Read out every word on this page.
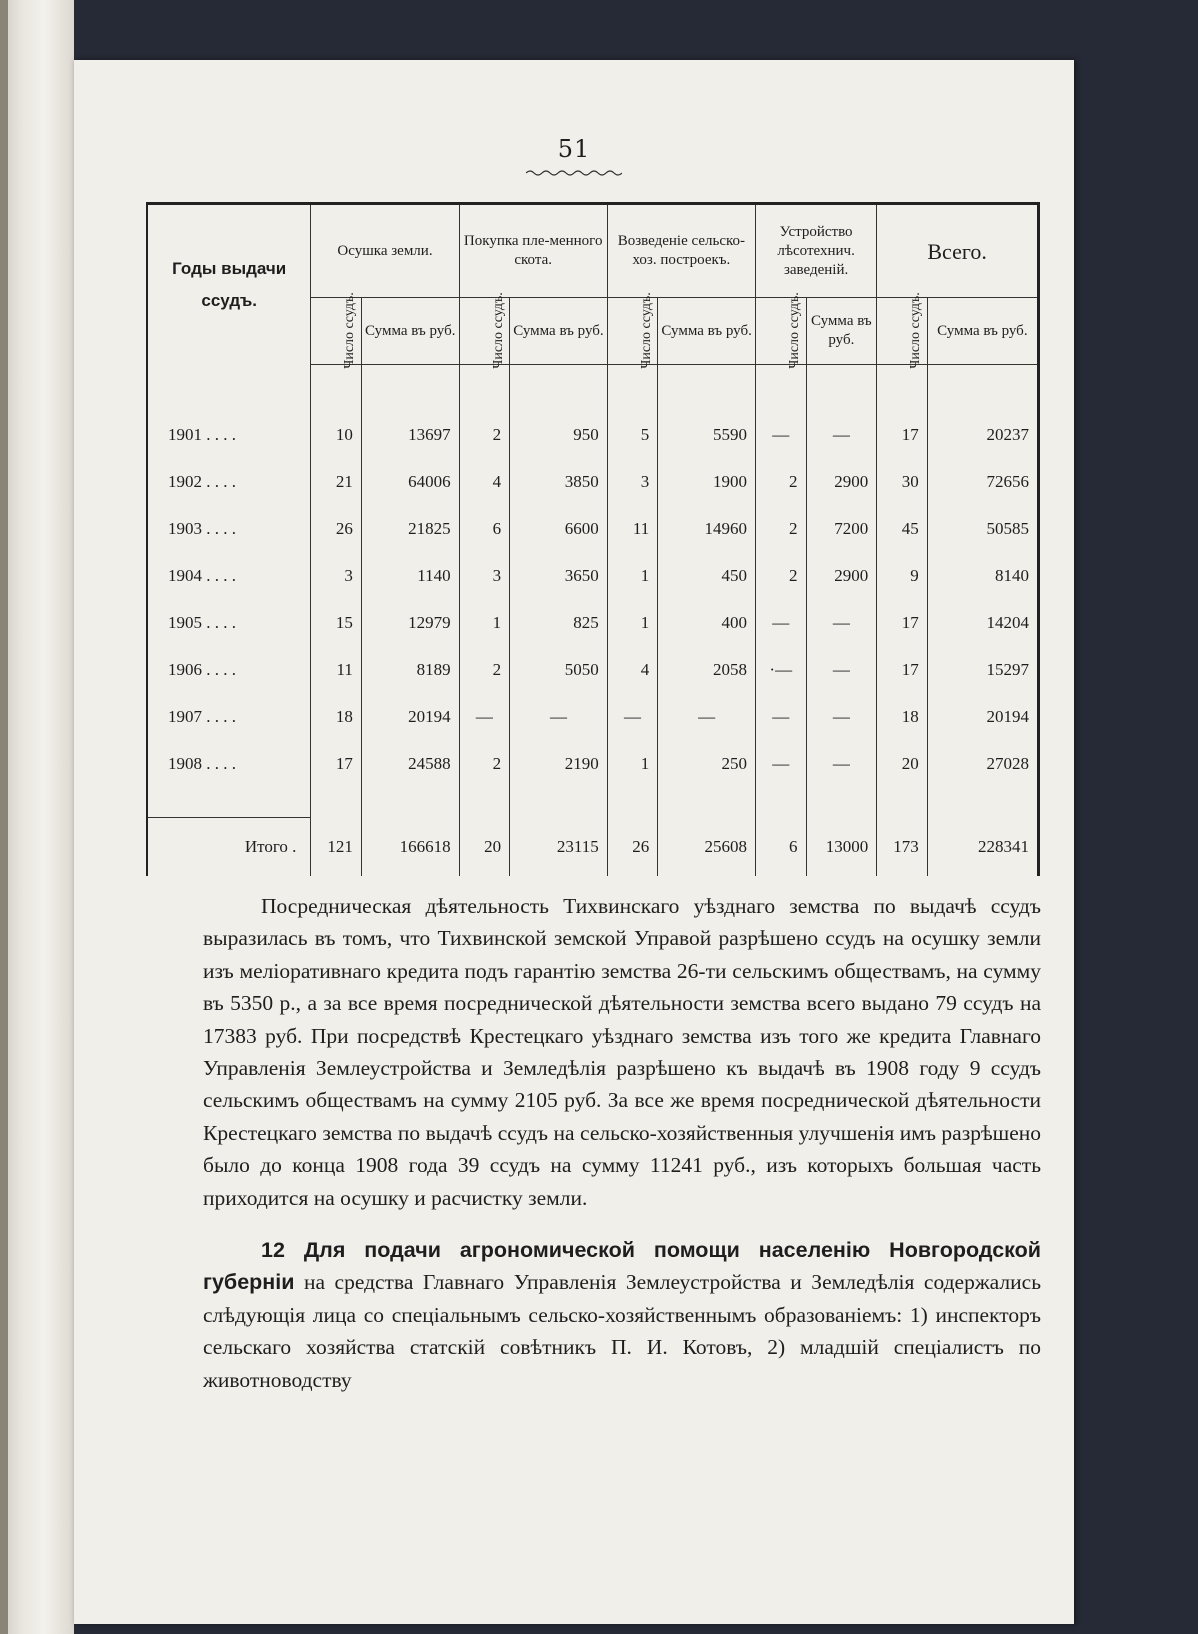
51
Годы выдачи ссудъ.	Осушка земли.		Покупка пле-менного скота.		Возведеніе сельско-хоз. построекъ.		Устройство лѣсотехнич. заведеній.		Всего.	
	Число ссудъ.	Сумма въ руб.	Число ссудъ.	Сумма въ руб.	Число ссудъ.	Сумма въ руб.	Число ссудъ.	Сумма въ руб.	Число ссудъ.	Сумма въ руб.

1901 . . . .	10	13697	2	950	5	5590	—	—	17	20237
1902 . . . .	21	64006	4	3850	3	1900	2	2900	30	72656
1903 . . . .	26	21825	6	6600	11	14960	2	7200	45	50585
1904 . . . .	3	1140	3	3650	1	450	2	2900	9	8140
1905 . . . .	15	12979	1	825	1	400	—	—	17	14204
1906 . . . .	11	8189	2	5050	4	2058	·—	—	17	15297
1907 . . . .	18	20194	—	—	—	—	—	—	18	20194
1908 . . . .	17	24588	2	2190	1	250	—	—	20	27028

Итого .	121	166618	20	23115	26	25608	6	13000	173	228341

Посредническая дѣятельность Тихвинскаго уѣзднаго земства по выдачѣ ссудъ выразилась въ томъ, что Тихвинской земской Управой разрѣшено ссудъ на осушку земли изъ меліоративнаго кредита подъ гарантію земства 26-ти сельскимъ обществамъ, на сумму въ 5350 р., а за все время посреднической дѣятельности земства всего выдано 79 ссудъ на 17383 руб. При посредствѣ Крестецкаго уѣзднаго земства изъ того же кредита Главнаго Управленія Землеустройства и Земледѣлія разрѣшено къ выдачѣ въ 1908 году 9 ссудъ сельскимъ обществамъ на сумму 2105 руб. За все же время посреднической дѣятельности Крестецкаго земства по выдачѣ ссудъ на сельско-хозяйственныя улучшенія имъ разрѣшено было до конца 1908 года 39 ссудъ на сумму 11241 руб., изъ которыхъ большая часть приходится на осушку и расчистку земли.

12 Для подачи агрономической помощи населенію Новгородской губерніи на средства Главнаго Управленія Землеустройства и Земледѣлія содержались слѣдующія лица со спеціальнымъ сельско-хозяйственнымъ образованіемъ: 1) инспекторъ сельскаго хозяйства статскій совѣтникъ П. И. Котовъ, 2) младшій спеціалистъ по животноводству
